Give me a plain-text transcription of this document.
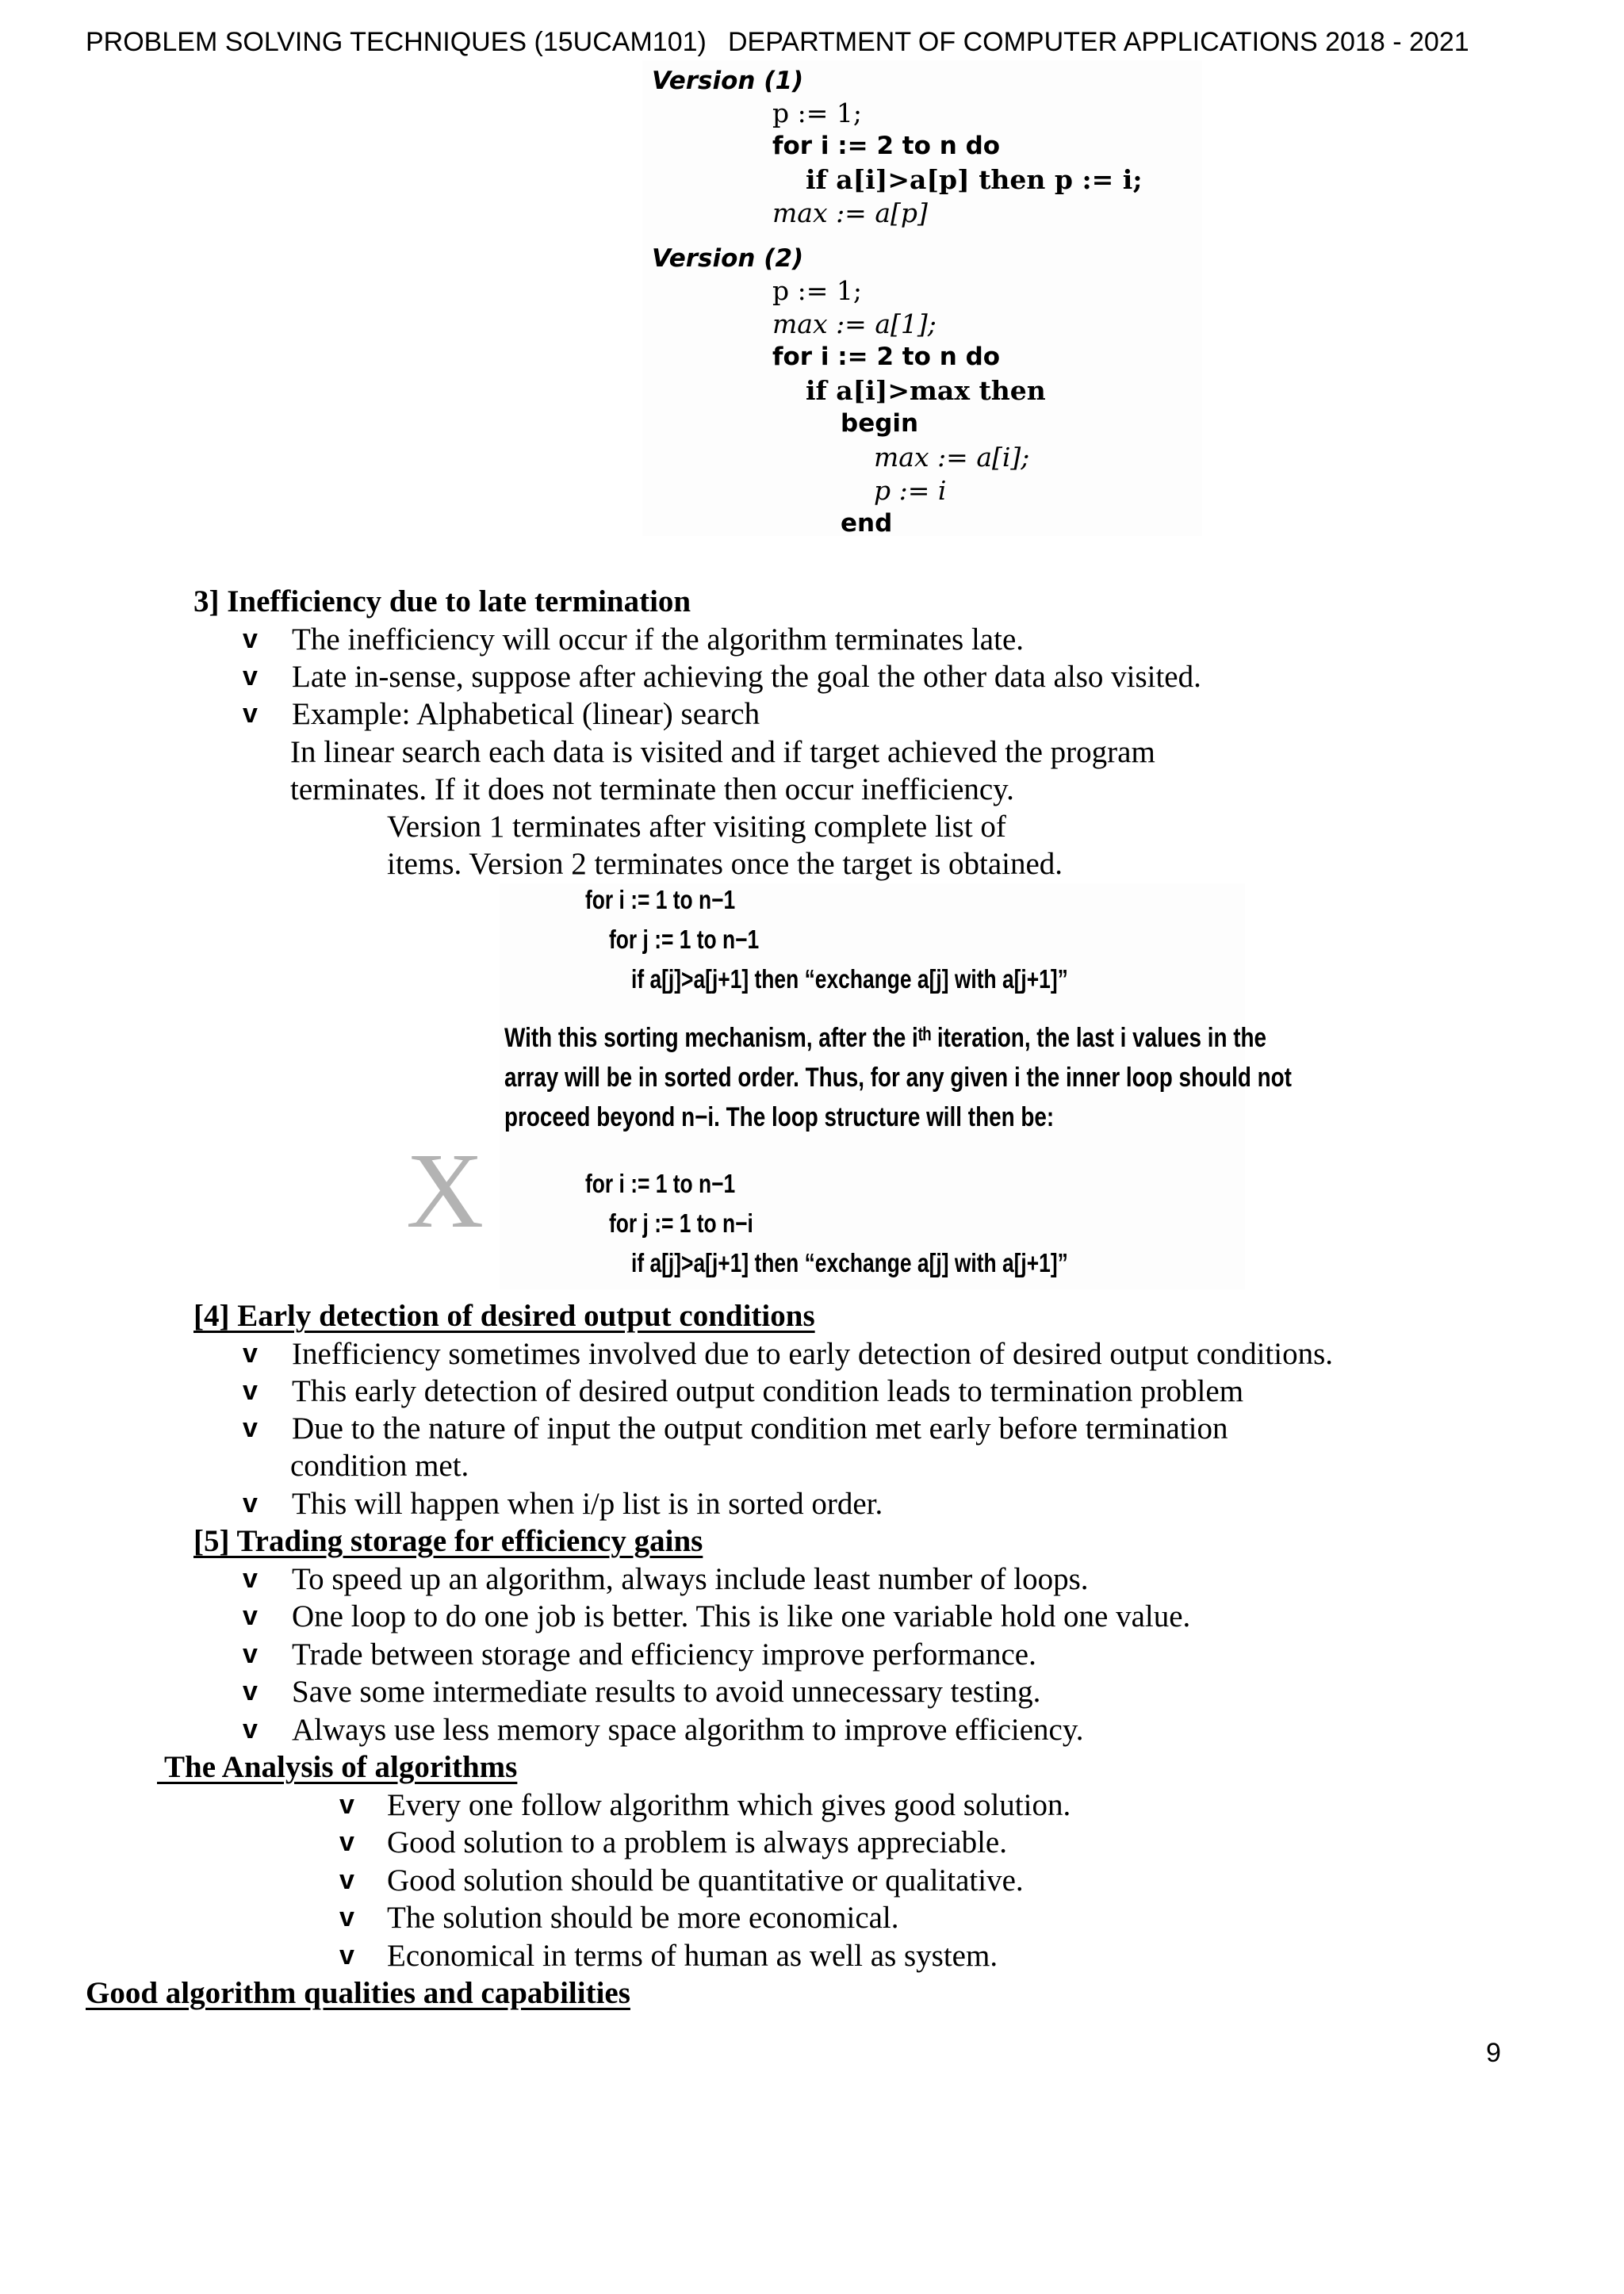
PROBLEM SOLVING TECHNIQUES (15UCAM101) DEPARTMENT OF COMPUTER APPLICATIONS 2018 - 2021
Version (1)
p := 1;
for i := 2 to n do
if a[i]>a[p] then p := i;
max := a[p]
Version (2)
p := 1;
max := a[1];
for i := 2 to n do
if a[i]>max then
begin
max := a[i];
p := i
end
3] Inefficiency due to late termination
v The inefficiency will occur if the algorithm terminates late.
v Late in-sense, suppose after achieving the goal the other data also visited.
v Example: Alphabetical (linear) search
In linear search each data is visited and if target achieved the program
terminates. If it does not terminate then occur inefficiency.
Version 1 terminates after visiting complete list of
items. Version 2 terminates once the target is obtained.
for i := 1 to n−1
for j := 1 to n−1
if a[j]>a[j+1] then “exchange a[j] with a[j+1]”
With this sorting mechanism, after the iᵗʰ iteration, the last i values in the
array will be in sorted order. Thus, for any given i the inner loop should not
proceed beyond n−i. The loop structure will then be:
for i := 1 to n−1
for j := 1 to n−i
if a[j]>a[j+1] then “exchange a[j] with a[j+1]”
X
[4] Early detection of desired output conditions
v Inefficiency sometimes involved due to early detection of desired output conditions.
v This early detection of desired output condition leads to termination problem
v Due to the nature of input the output condition met early before termination
condition met.
v This will happen when i/p list is in sorted order.
[5] Trading storage for efficiency gains
v To speed up an algorithm, always include least number of loops.
v One loop to do one job is better. This is like one variable hold one value.
v Trade between storage and efficiency improve performance.
v Save some intermediate results to avoid unnecessary testing.
v Always use less memory space algorithm to improve efficiency.
The Analysis of algorithms
v Every one follow algorithm which gives good solution.
v Good solution to a problem is always appreciable.
v Good solution should be quantitative or qualitative.
v The solution should be more economical.
v Economical in terms of human as well as system.
Good algorithm qualities and capabilities
9
